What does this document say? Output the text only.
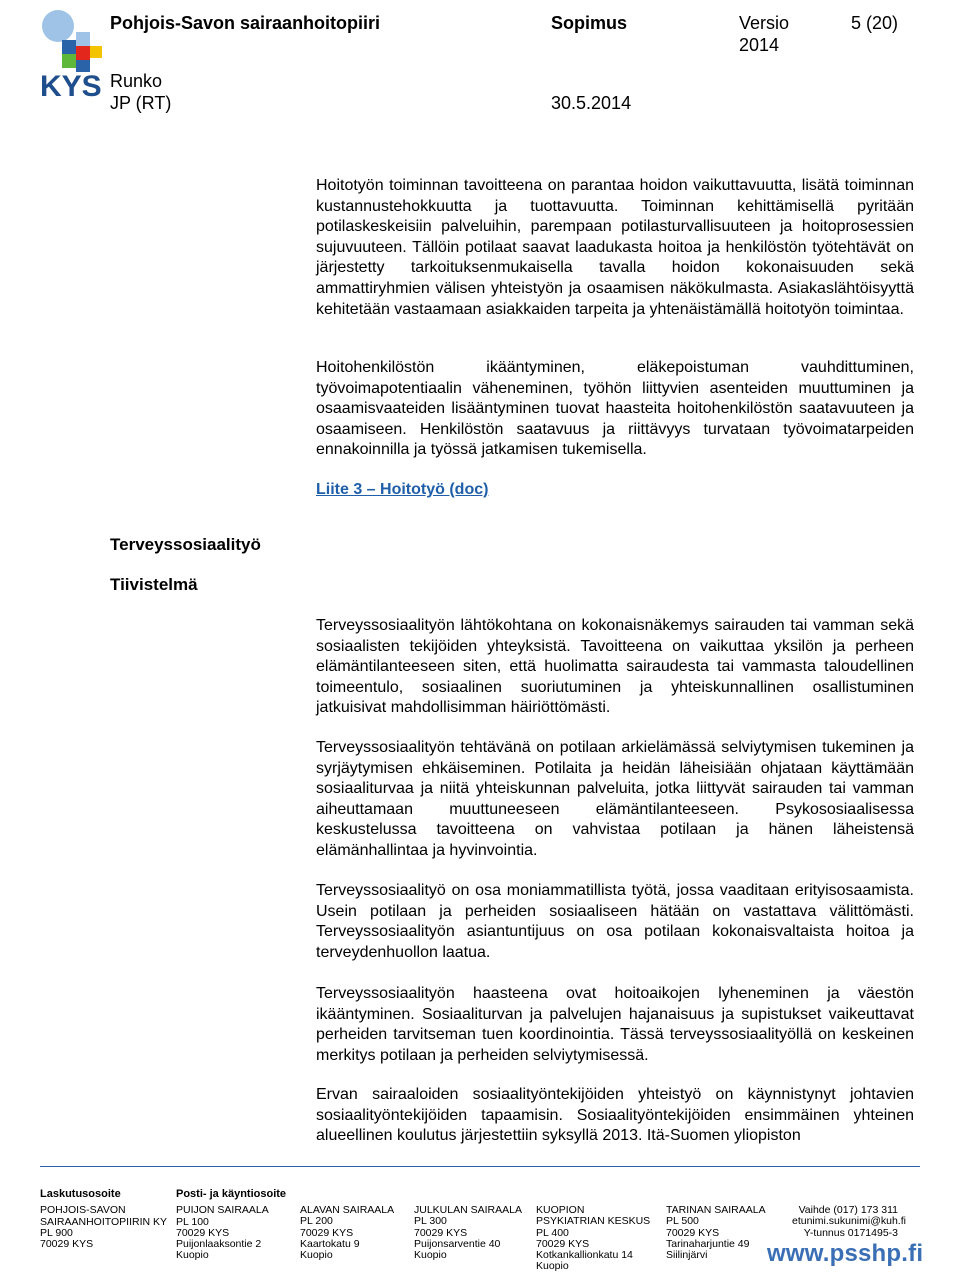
KYS
Pohjois-Savon sairaanhoitopiiri	Sopimus	Versio
2014
5 (20)
Runko
JP (RT)	30.5.2014

Hoitotyön toiminnan tavoitteena on parantaa hoidon vaikuttavuutta, lisätä toiminnan kustannustehokkuutta ja tuottavuutta. Toiminnan kehittämisellä pyritään potilaskeskeisiin palveluihin, parempaan potilasturvallisuuteen ja hoitoprosessien sujuvuuteen. Tällöin potilaat saavat laadukasta hoitoa ja henkilöstön työtehtävät on järjestetty tarkoituksenmukaisella tavalla hoidon kokonaisuuden sekä ammattiryhmien välisen yhteistyön ja osaamisen näkökulmasta. Asiakaslähtöisyyttä kehitetään vastaamaan asiakkaiden tarpeita ja yhtenäistämällä hoitotyön toimintaa.

Hoitohenkilöstön ikääntyminen, eläkepoistuman vauhdittuminen, työvoimapotentiaalin väheneminen, työhön liittyvien asenteiden muuttuminen ja osaamisvaateiden lisääntyminen tuovat haasteita hoitohenkilöstön saatavuuteen ja osaamiseen. Henkilöstön saatavuus ja riittävyys turvataan työvoimatarpeiden ennakoinnilla ja työssä jatkamisen tukemisella.

Liite 3 – Hoitotyö (doc)
Terveyssosiaalityö
Tiivistelmä

Terveyssosiaalityön lähtökohtana on kokonaisnäkemys sairauden tai vamman sekä sosiaalisten tekijöiden yhteyksistä. Tavoitteena on vaikuttaa yksilön ja perheen elämäntilanteeseen siten, että huolimatta sairaudesta tai vammasta taloudellinen toimeentulo, sosiaalinen suoriutuminen ja yhteiskunnallinen osallistuminen jatkuisivat mahdollisimman häiriöttömästi.

Terveyssosiaalityön tehtävänä on potilaan arkielämässä selviytymisen tukeminen ja syrjäytymisen ehkäiseminen. Potilaita ja heidän läheisiään ohjataan käyttämään sosiaaliturvaa ja niitä yhteiskunnan palveluita, jotka liittyvät sairauden tai vamman aiheuttamaan muuttuneeseen elämäntilanteeseen. Psykososiaalisessa keskustelussa tavoitteena on vahvistaa potilaan ja hänen läheistensä elämänhallintaa ja hyvinvointia.

Terveyssosiaalityö on osa moniammatillista työtä, jossa vaaditaan erityisosaamista. Usein potilaan ja perheiden sosiaaliseen hätään on vastattava välittömästi. Terveyssosiaalityön asiantuntijuus on osa potilaan kokonaisvaltaista hoitoa ja terveydenhuollon laatua.

Terveyssosiaalityön haasteena ovat hoitoaikojen lyheneminen ja väestön ikääntyminen. Sosiaaliturvan ja palvelujen hajanaisuus ja supistukset vaikeuttavat perheiden tarvitseman tuen koordinointia. Tässä terveyssosiaalityöllä on keskeinen merkitys potilaan ja perheiden selviytymisessä.

Ervan sairaaloiden sosiaalityöntekijöiden yhteistyö on käynnistynyt johtavien sosiaalityöntekijöiden tapaamisin. Sosiaalityöntekijöiden ensimmäinen yhteinen alueellinen koulutus järjestettiin syksyllä 2013. Itä-Suomen yliopiston

Laskutusosoite
POHJOIS-SAVON
SAIRAANHOITOPIIRIN KY
PL 900
70029 KYS
Posti- ja käyntiosoite
PUIJON SAIRAALA
PL 100
70029 KYS
Puijonlaaksontie 2
Kuopio
ALAVAN SAIRAALA
PL 200
70029 KYS
Kaartokatu 9
Kuopio
JULKULAN SAIRAALA
PL 300
70029 KYS
Puijonsarventie 40
Kuopio
KUOPION
PSYKIATRIAN KESKUS
PL 400
70029 KYS
Kotkankallionkatu 14
Kuopio
TARINAN SAIRAALA
PL 500
70029 KYS
Tarinaharjuntie 49
Siilinjärvi
Vaihde (017) 173 311
etunimi.sukunimi@kuh.fi
Y-tunnus 0171495-3
www.psshp.fi
